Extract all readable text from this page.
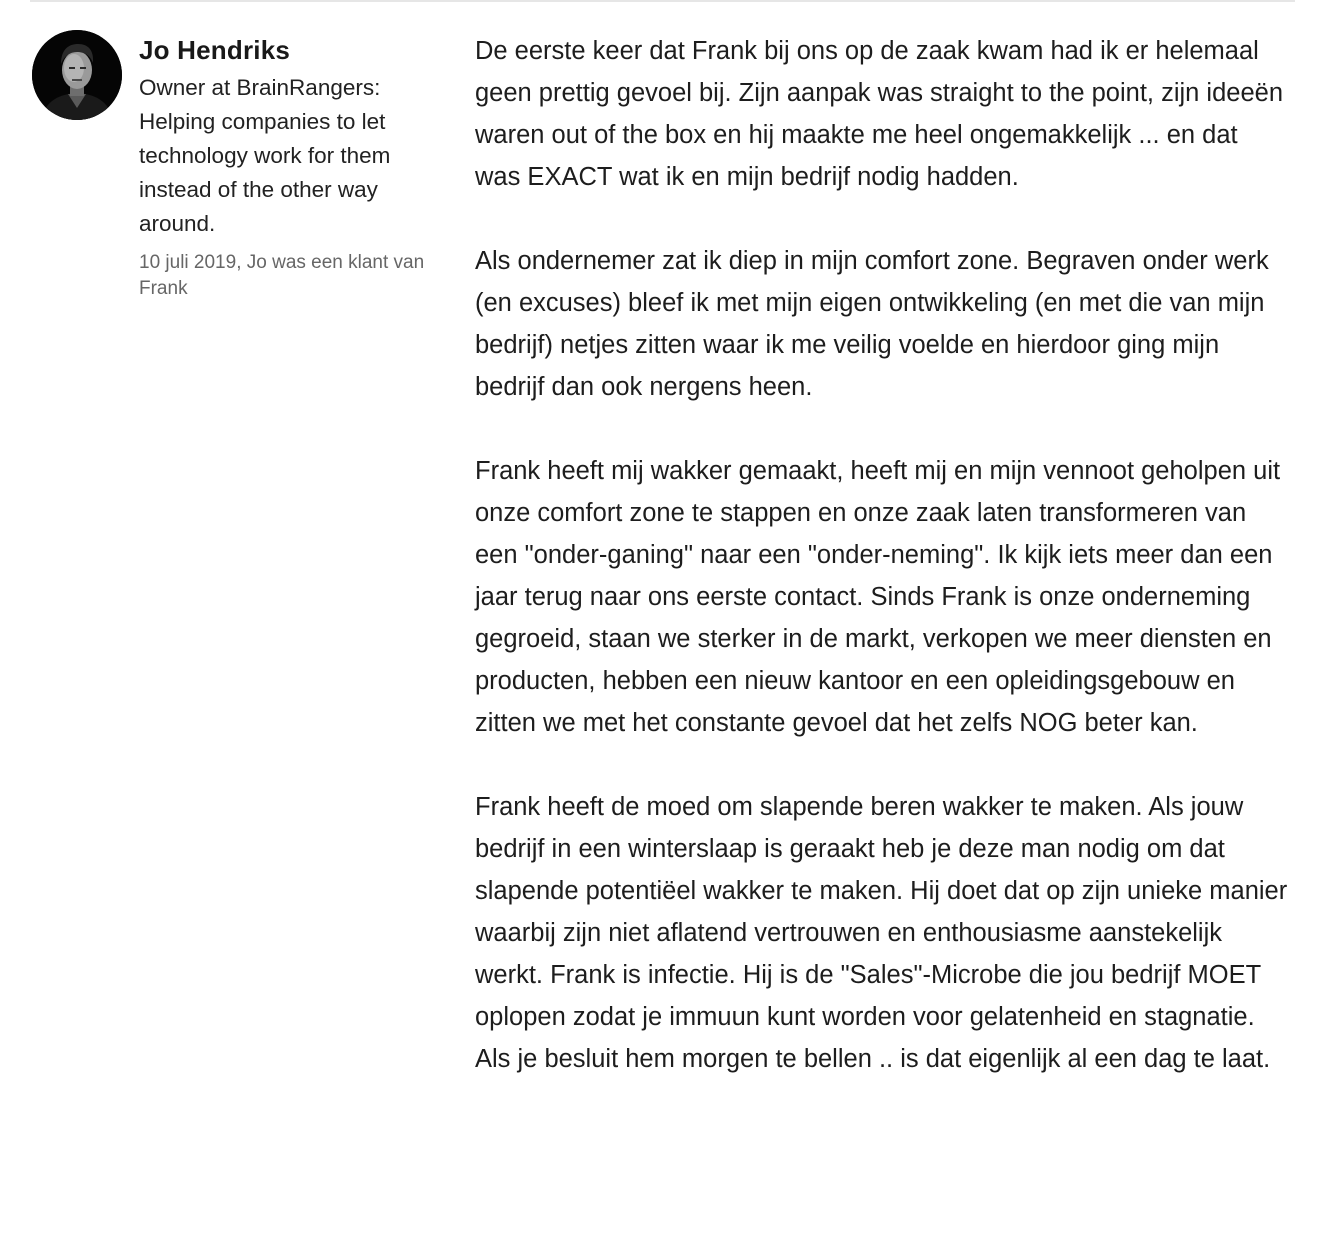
Jo Hendriks

Owner at BrainRangers: Helping companies to let technology work for them instead of the other way around.

10 juli 2019, Jo was een klant van Frank

De eerste keer dat Frank bij ons op de zaak kwam had ik er helemaal geen prettig gevoel bij. Zijn aanpak was straight to the point, zijn ideeën waren out of the box en hij maakte me heel ongemakkelijk ... en dat was EXACT wat ik en mijn bedrijf nodig hadden.

Als ondernemer zat ik diep in mijn comfort zone. Begraven onder werk (en excuses) bleef ik met mijn eigen ontwikkeling (en met die van mijn bedrijf) netjes zitten waar ik me veilig voelde en hierdoor ging mijn bedrijf dan ook nergens heen.

Frank heeft mij wakker gemaakt, heeft mij en mijn vennoot geholpen uit onze comfort zone te stappen en onze zaak laten transformeren van een "onder-ganing" naar een "onder-neming". Ik kijk iets meer dan een jaar terug naar ons eerste contact. Sinds Frank is onze onderneming gegroeid, staan we sterker in de markt, verkopen we meer diensten en producten, hebben een nieuw kantoor en een opleidingsgebouw en zitten we met het constante gevoel dat het zelfs NOG beter kan.

Frank heeft de moed om slapende beren wakker te maken. Als jouw bedrijf in een winterslaap is geraakt heb je deze man nodig om dat slapende potentiëel wakker te maken. Hij doet dat op zijn unieke manier waarbij zijn niet aflatend vertrouwen en enthousiasme aanstekelijk werkt. Frank is infectie. Hij is de "Sales"-Microbe die jou bedrijf MOET oplopen zodat je immuun kunt worden voor gelatenheid en stagnatie. Als je besluit hem morgen te bellen .. is dat eigenlijk al een dag te laat.
